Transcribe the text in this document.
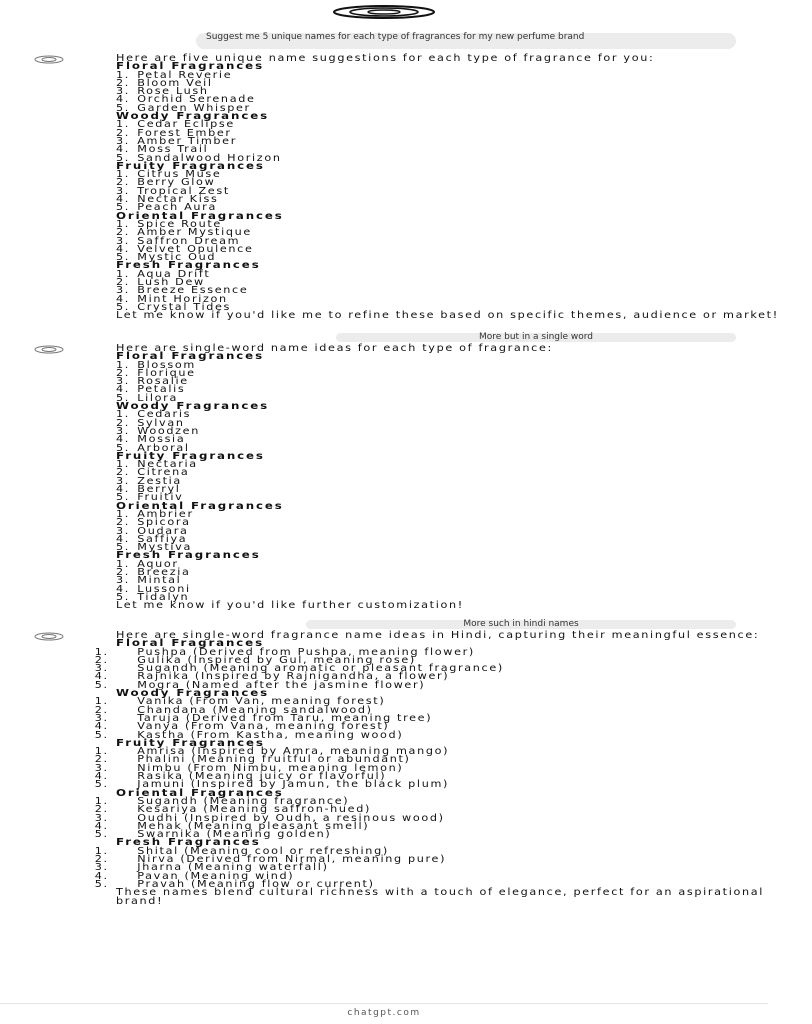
Suggest me 5 unique names for each type of fragrances for my new perfume brand

Here are five unique name suggestions for each type of fragrance for you:

Floral Fragrances

1. Petal Reverie
2. Bloom Veil
3. Rose Lush
4. Orchid Serenade
5. Garden Whisper

Woody Fragrances

1. Cedar Eclipse
2. Forest Ember
3. Amber Timber
4. Moss Trail
5. Sandalwood Horizon

Fruity Fragrances

1. Citrus Muse
2. Berry Glow
3. Tropical Zest
4. Nectar Kiss
5. Peach Aura

Oriental Fragrances

1. Spice Route
2. Amber Mystique
3. Saffron Dream
4. Velvet Opulence
5. Mystic Oud

Fresh Fragrances

1. Aqua Drift
2. Lush Dew
3. Breeze Essence
4. Mint Horizon
5. Crystal Tides

Let me know if you'd like me to refine these based on specific themes, audience or market!

More but in a single word

Here are single-word name ideas for each type of fragrance:

Floral Fragrances

1. Blossom
2. Florique
3. Rosalie
4. Petalis
5. Lilora

Woody Fragrances

1. Cedaris
2. Sylvan
3. Woodzen
4. Mossia
5. Arboral

Fruity Fragrances

1. Nectaria
2. Citrena
3. Zestia
4. Berryl
5. Fruitiv

Oriental Fragrances

1. Ambrier
2. Spicora
3. Oudara
4. Saffiya
5. Mystiva

Fresh Fragrances

1. Aquor
2. Breezia
3. Mintal
4. Lussoni
5. Tidalyn

Let me know if you'd like further customization!

More such in hindi names

Here are single-word fragrance name ideas in Hindi, capturing their meaningful essence:

Floral Fragrances

1.	Pushpa (Derived from Pushpa, meaning flower)
2.	Gulika (Inspired by Gul, meaning rose)
3.	Sugandh (Meaning aromatic or pleasant fragrance)
4.	Rajnika (Inspired by Rajnigandha, a flower)
5.	Mogra (Named after the jasmine flower)

Woody Fragrances

1.	Vanika (From Van, meaning forest)
2.	Chandana (Meaning sandalwood)
3.	Taruja (Derived from Taru, meaning tree)
4.	Vanya (From Vana, meaning forest)
5.	Kastha (From Kastha, meaning wood)

Fruity Fragrances

1.	Amrisa (Inspired by Amra, meaning mango)
2.	Phalini (Meaning fruitful or abundant)
3.	Nimbu (From Nimbu, meaning lemon)
4.	Rasika (Meaning juicy or flavorful)
5.	Jamuni (Inspired by Jamun, the black plum)

Oriental Fragrances

1.	Sugandh (Meaning fragrance)
2.	Kesariya (Meaning saffron-hued)
3.	Oudhi (Inspired by Oudh, a resinous wood)
4.	Mehak (Meaning pleasant smell)
5.	Swarnika (Meaning golden)

Fresh Fragrances

1.	Shital (Meaning cool or refreshing)
2.	Nirva (Derived from Nirmal, meaning pure)
3.	Jharna (Meaning waterfall)
4.	Pavan (Meaning wind)
5.	Pravah (Meaning flow or current)

These names blend cultural richness with a touch of elegance, perfect for an aspirational brand!

chatgpt.com
